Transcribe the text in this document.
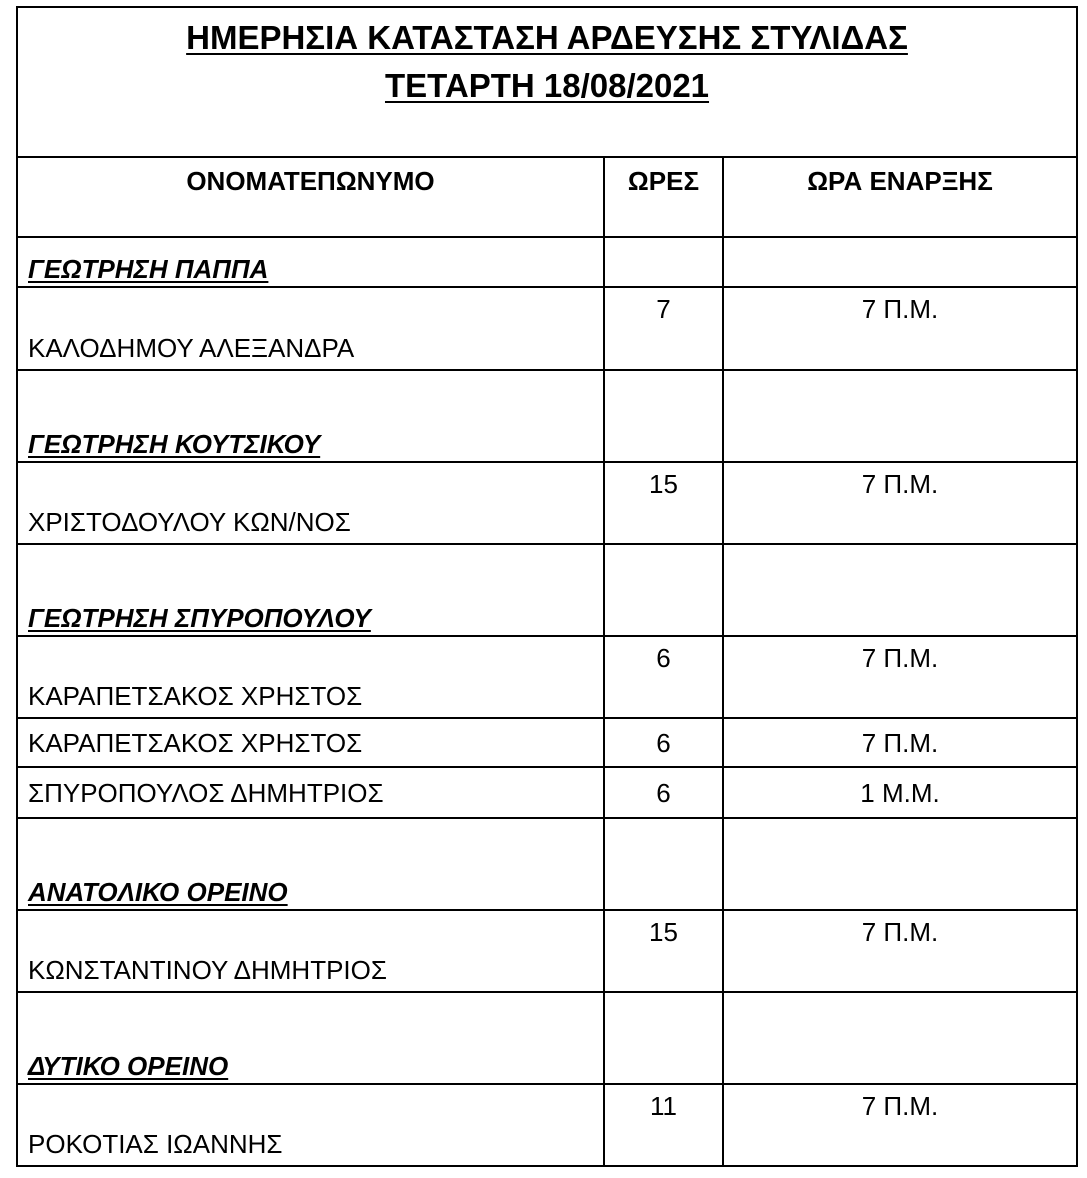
ΗΜΕΡΗΣΙΑ ΚΑΤΑΣΤΑΣΗ ΑΡΔΕΥΣΗΣ ΣΤΥΛΙΔΑΣ
ΤΕΤΑΡΤΗ 18/08/2021		

ΟΝΟΜΑΤΕΠΩΝΥΜΟ	ΩΡΕΣ	ΩΡΑ ΕΝΑΡΞΗΣ
ΓΕΩΤΡΗΣΗ ΠΑΠΠΑ		
ΚΑΛΟΔΗΜΟΥ ΑΛΕΞΑΝΔΡΑ	7	7 Π.Μ.
ΓΕΩΤΡΗΣΗ ΚΟΥΤΣΙΚΟΥ		
ΧΡΙΣΤΟΔΟΥΛΟΥ ΚΩΝ/ΝΟΣ	15	7 Π.Μ.
ΓΕΩΤΡΗΣΗ ΣΠΥΡΟΠΟΥΛΟΥ		
ΚΑΡΑΠΕΤΣΑΚΟΣ ΧΡΗΣΤΟΣ	6	7 Π.Μ.
ΚΑΡΑΠΕΤΣΑΚΟΣ ΧΡΗΣΤΟΣ	6	7 Π.Μ.
ΣΠΥΡΟΠΟΥΛΟΣ ΔΗΜΗΤΡΙΟΣ	6	1 Μ.Μ.
ΑΝΑΤΟΛΙΚΟ ΟΡΕΙΝΟ		
ΚΩΝΣΤΑΝΤΙΝΟΥ ΔΗΜΗΤΡΙΟΣ	15	7 Π.Μ.
ΔΥΤΙΚΟ ΟΡΕΙΝΟ		
ΡΟΚΟΤΙΑΣ ΙΩΑΝΝΗΣ	11	7 Π.Μ.
